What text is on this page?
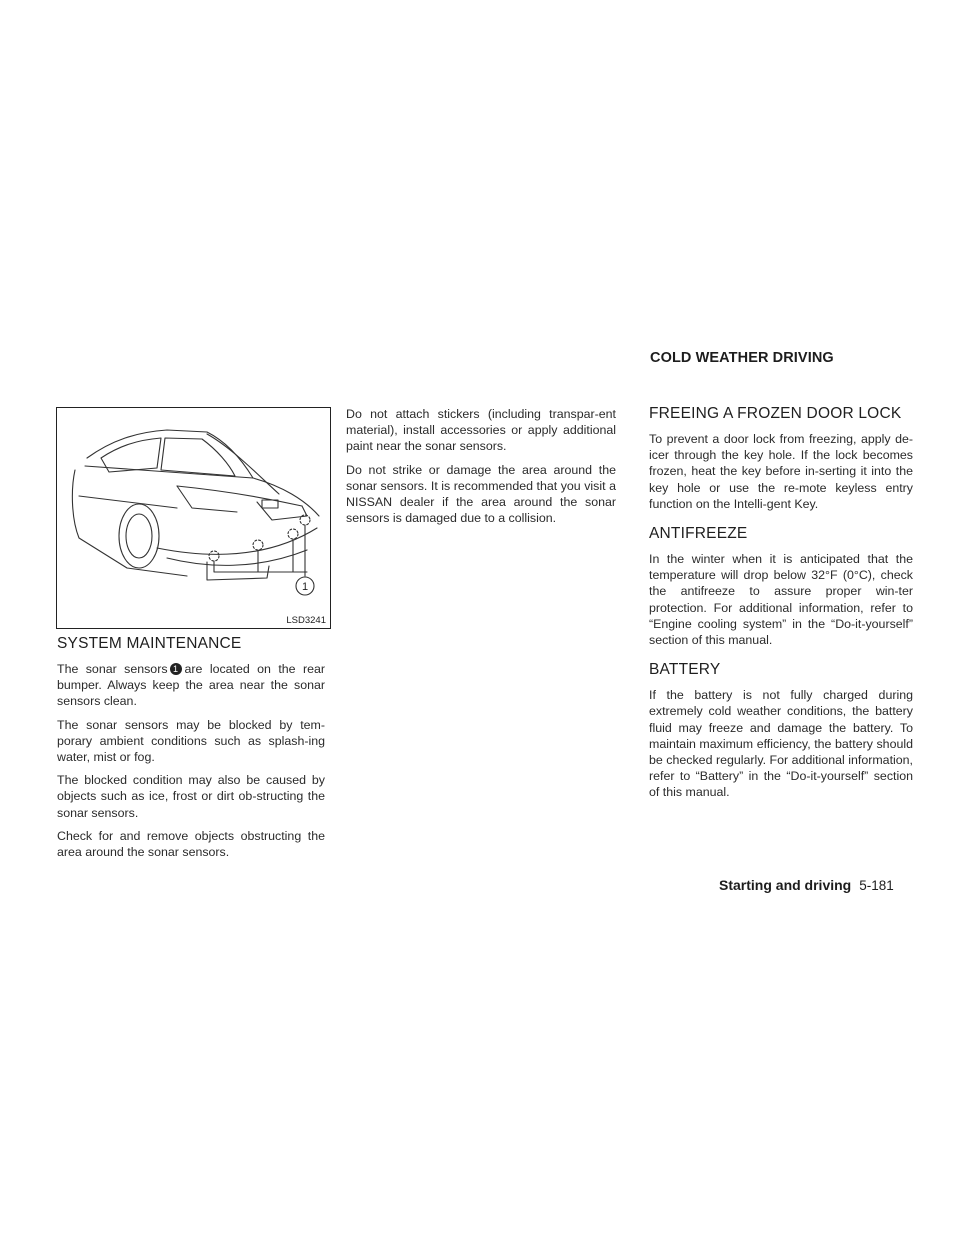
COLD WEATHER DRIVING
1
LSD3241
SYSTEM MAINTENANCE

The sonar sensors 1 are located on the rear bumper. Always keep the area near the sonar sensors clean.

The sonar sensors may be blocked by tem-porary ambient conditions such as splash-ing water, mist or fog.

The blocked condition may also be caused by objects such as ice, frost or dirt ob-structing the sonar sensors.

Check for and remove objects obstructing the area around the sonar sensors.

Do not attach stickers (including transpar-ent material), install accessories or apply additional paint near the sonar sensors.

Do not strike or damage the area around the sonar sensors. It is recommended that you visit a NISSAN dealer if the area around the sonar sensors is damaged due to a collision.

FREEING A FROZEN DOOR LOCK

To prevent a door lock from freezing, apply de-icer through the key hole. If the lock becomes frozen, heat the key before in-serting it into the key hole or use the re-mote keyless entry function on the Intelli-gent Key.

ANTIFREEZE

In the winter when it is anticipated that the temperature will drop below 32°F (0°C), check the antifreeze to assure proper win-ter protection. For additional information, refer to “Engine cooling system” in the “Do-it-yourself” section of this manual.

BATTERY

If the battery is not fully charged during extremely cold weather conditions, the battery fluid may freeze and damage the battery. To maintain maximum efficiency, the battery should be checked regularly. For additional information, refer to “Battery” in the “Do-it-yourself” section of this manual.

Starting and driving 5-181
